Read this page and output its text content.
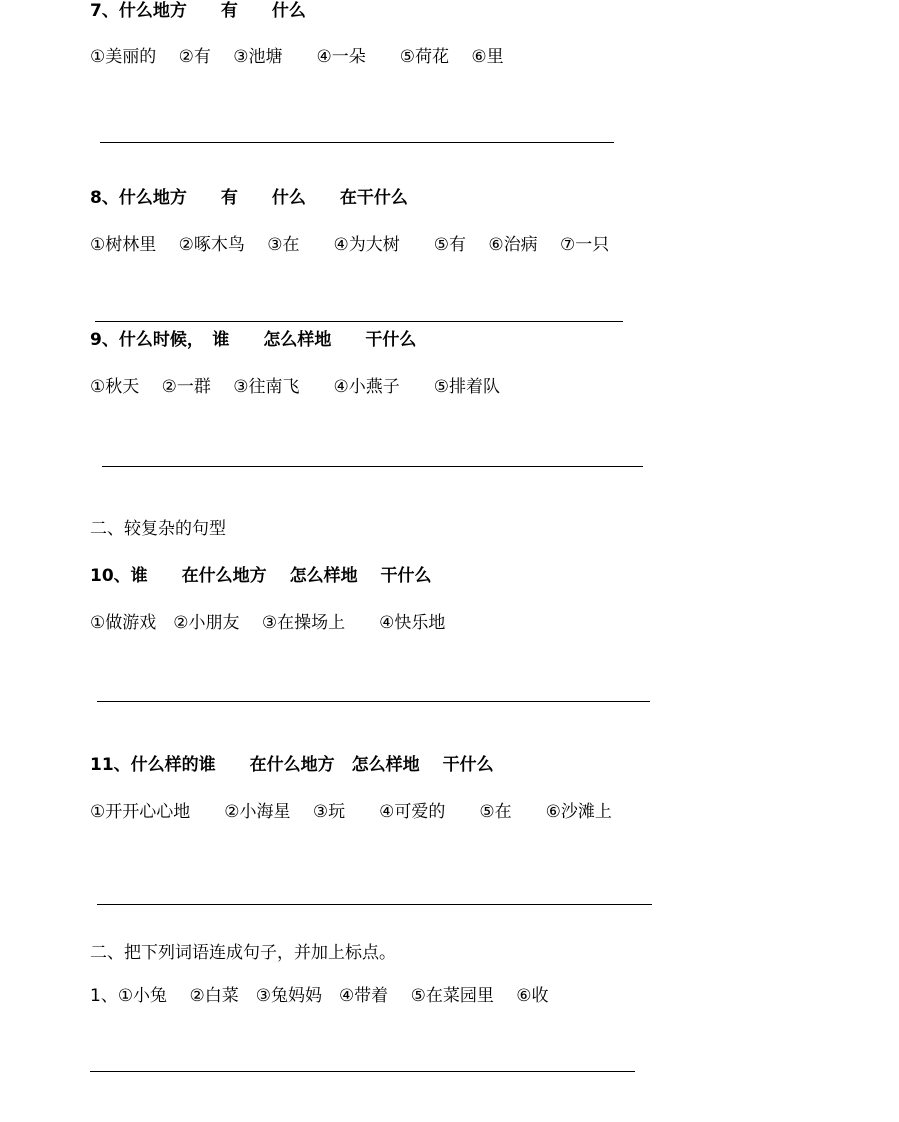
7、什么地方　　有　　什么

①美丽的　 ②有　 ③池塘　　④一朵　　⑤荷花　 ⑥里

8、什么地方　　有　　什么　　在干什么

①树林里　 ②啄木鸟　 ③在　　④为大树　　⑤有　 ⑥治病　 ⑦一只

9、什么时候，　谁　　怎么样地　　干什么

①秋天　 ②一群　 ③往南飞　　④小燕子　　⑤排着队

二、较复杂的句型

10、谁　　在什么地方　 怎么样地　 干什么

①做游戏　②小朋友　 ③在操场上　　④快乐地

11、什么样的谁　　在什么地方　怎么样地　 干什么

①开开心心地　　②小海星　 ③玩　　④可爱的　　⑤在　　⑥沙滩上

二、把下列词语连成句子，并加上标点。

1、①小兔　 ②白菜　③兔妈妈　④带着　 ⑤在菜园里　 ⑥收
